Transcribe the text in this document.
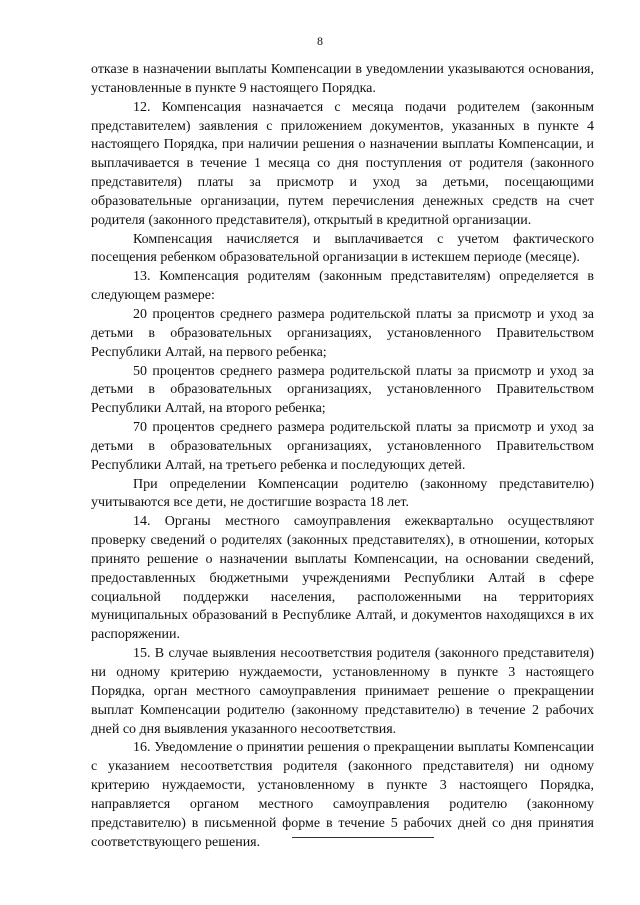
8

отказе в назначении выплаты Компенсации в уведомлении указываются основания, установленные в пункте 9 настоящего Порядка.

12. Компенсация назначается с месяца подачи родителем (законным представителем) заявления с приложением документов, указанных в пункте 4 настоящего Порядка, при наличии решения о назначении выплаты Компенсации, и выплачивается в течение 1 месяца со дня поступления от родителя (законного представителя) платы за присмотр и уход за детьми, посещающими образовательные организации, путем перечисления денежных средств на счет родителя (законного представителя), открытый в кредитной организации.

Компенсация начисляется и выплачивается с учетом фактического посещения ребенком образовательной организации в истекшем периоде (месяце).

13. Компенсация родителям (законным представителям) определяется в следующем размере:

20 процентов среднего размера родительской платы за присмотр и уход за детьми в образовательных организациях, установленного Правительством Республики Алтай, на первого ребенка;

50 процентов среднего размера родительской платы за присмотр и уход за детьми в образовательных организациях, установленного Правительством Республики Алтай, на второго ребенка;

70 процентов среднего размера родительской платы за присмотр и уход за детьми в образовательных организациях, установленного Правительством Республики Алтай, на третьего ребенка и последующих детей.

При определении Компенсации родителю (законному представителю) учитываются все дети, не достигшие возраста 18 лет.

14. Органы местного самоуправления ежеквартально осуществляют проверку сведений о родителях (законных представителях), в отношении, которых принято решение о назначении выплаты Компенсации, на основании сведений, предоставленных бюджетными учреждениями Республики Алтай в сфере социальной поддержки населения, расположенными на территориях муниципальных образований в Республике Алтай, и документов находящихся в их распоряжении.

15. В случае выявления несоответствия родителя (законного представителя) ни одному критерию нуждаемости, установленному в пункте 3 настоящего Порядка, орган местного самоуправления принимает решение о прекращении выплат Компенсации родителю (законному представителю) в течение 2 рабочих дней со дня выявления указанного несоответствия.

16. Уведомление о принятии решения о прекращении выплаты Компенсации с указанием несоответствия родителя (законного представителя) ни одному критерию нуждаемости, установленному в пункте 3 настоящего Порядка, направляется органом местного самоуправления родителю (законному представителю) в письменной форме в течение 5 рабочих дней со дня принятия соответствующего решения.
